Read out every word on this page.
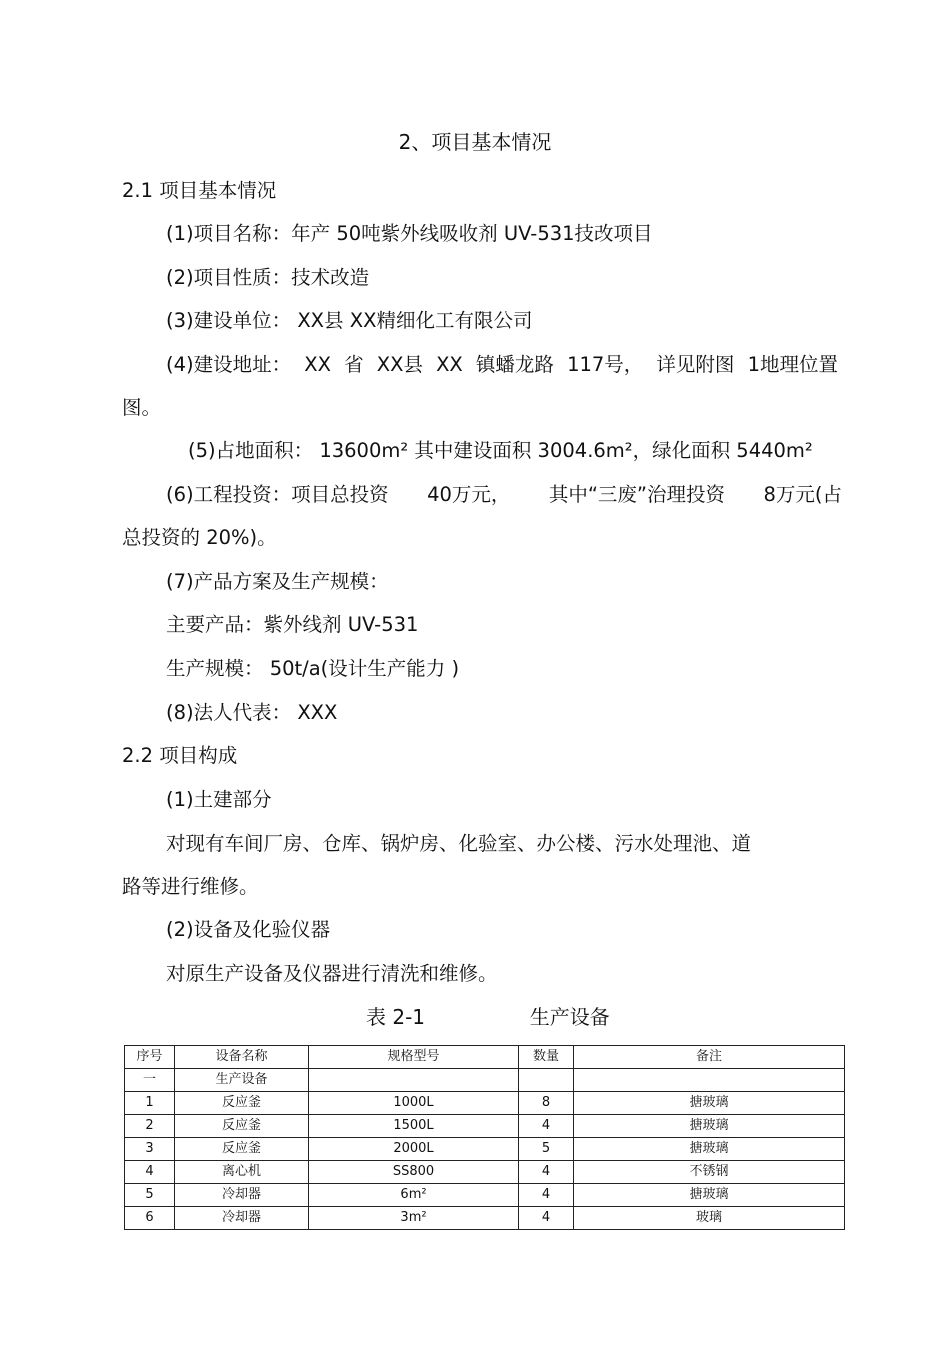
2、项目基本情况
2.1 项目基本情况
(1)项目名称：年产 50吨紫外线吸收剂 UV-531技改项目
(2)项目性质：技术改造
(3)建设单位： XX县 XX精细化工有限公司
(4)建设地址： XX 省 XX县 XX 镇蟠龙路 117号， 详见附图 1地理位置
图。
(5)占地面积： 13600m² 其中建设面积 3004.6m²，绿化面积 5440m²
(6)工程投资：项目总投资 40万元， 其中“三废”治理投资 8万元(占
总投资的 20%)。
(7)产品方案及生产规模：
主要产品：紫外线剂 UV-531
生产规模： 50t/a(设计生产能力 )
(8)法人代表： XXX
2.2 项目构成
(1)土建部分
对现有车间厂房、仓库、锅炉房、化验室、办公楼、污水处理池、道
路等进行维修。
(2)设备及化验仪器
对原生产设备及仪器进行清洗和维修。
表 2-1	生产设备
序号	设备名称	规格型号	数量	备注
一	生产设备			
1	反应釜	1000L	8	搪玻璃
2	反应釜	1500L	4	搪玻璃
3	反应釜	2000L	5	搪玻璃
4	离心机	SS800	4	不锈钢
5	冷却器	6m²	4	搪玻璃
6	冷却器	3m²	4	玻璃
